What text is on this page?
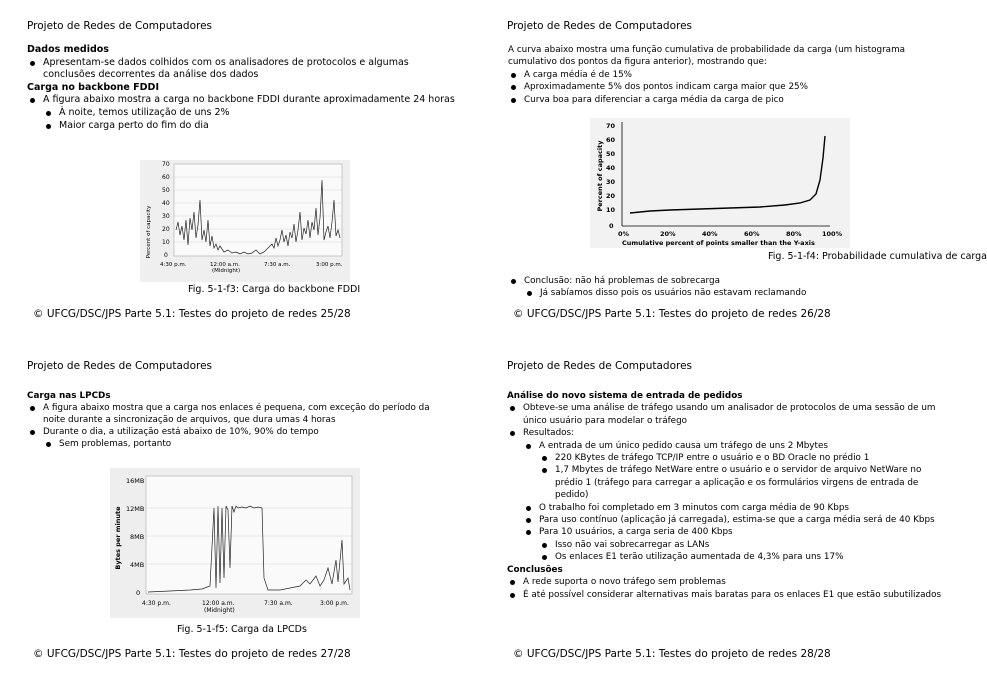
Projeto de Redes de Computadores
Dados medidos
Apresentam-se dados colhidos com os analisadores de protocolos e algumas conclusões decorrentes da análise dos dados
Carga no backbone FDDI
A figura abaixo mostra a carga no backbone FDDI durante aproximadamente 24 horas
À noite, temos utilização de uns 2%
Maior carga perto do fim do dia
Percent of capacity
70
60
50
40
30
20
10
0
4:30 p.m.	12:00 a.m.
(Midnight)
7:30 a.m.	3:00 p.m.
Fig. 5-1-f3: Carga do backbone FDDI
© UFCG/DSC/JPS Parte 5.1: Testes do projeto de redes 25/28
Projeto de Redes de Computadores
A curva abaixo mostra uma função cumulativa de probabilidade da carga (um histograma cumulativo dos pontos da figura anterior), mostrando que:
A carga média é de 15%
Aproximadamente 5% dos pontos indicam carga maior que 25%
Curva boa para diferenciar a carga média da carga de pico
Percent of capacity
70
60
50
40
30
20
10
0
0%	20%	40%	60%	80%	100%
Cumulative percent of points smaller than the Y-axis
Fig. 5-1-f4: Probabilidade cumulativa de carga
Conclusão: não há problemas de sobrecarga
Já sabíamos disso pois os usuários não estavam reclamando
© UFCG/DSC/JPS Parte 5.1: Testes do projeto de redes 26/28
Projeto de Redes de Computadores
Carga nas LPCDs
A figura abaixo mostra que a carga nos enlaces é pequena, com exceção do período da noite durante a sincronização de arquivos, que dura umas 4 horas
Durante o dia, a utilização está abaixo de 10%, 90% do tempo
Sem problemas, portanto
Bytes per minute
16MB
12MB
8MB
4MB
0
4:30 p.m.	12:00 a.m.
(Midnight)
7:30 a.m.	3:00 p.m.
Fig. 5-1-f5: Carga da LPCDs
© UFCG/DSC/JPS Parte 5.1: Testes do projeto de redes 27/28
Projeto de Redes de Computadores
Análise do novo sistema de entrada de pedidos
Obteve-se uma análise de tráfego usando um analisador de protocolos de uma sessão de um único usuário para modelar o tráfego
Resultados:
A entrada de um único pedido causa um tráfego de uns 2 Mbytes
220 KBytes de tráfego TCP/IP entre o usuário e o BD Oracle no prédio 1
1,7 Mbytes de tráfego NetWare entre o usuário e o servidor de arquivo NetWare no prédio 1 (tráfego para carregar a aplicação e os formulários virgens de entrada de pedido)
O trabalho foi completado em 3 minutos com carga média de 90 Kbps
Para uso contínuo (aplicação já carregada), estima-se que a carga média será de 40 Kbps
Para 10 usuários, a carga seria de 400 Kbps
Isso não vai sobrecarregar as LANs
Os enlaces E1 terão utilização aumentada de 4,3% para uns 17%
Conclusões
A rede suporta o novo tráfego sem problemas
É até possível considerar alternativas mais baratas para os enlaces E1 que estão subutilizados
© UFCG/DSC/JPS Parte 5.1: Testes do projeto de redes 28/28
